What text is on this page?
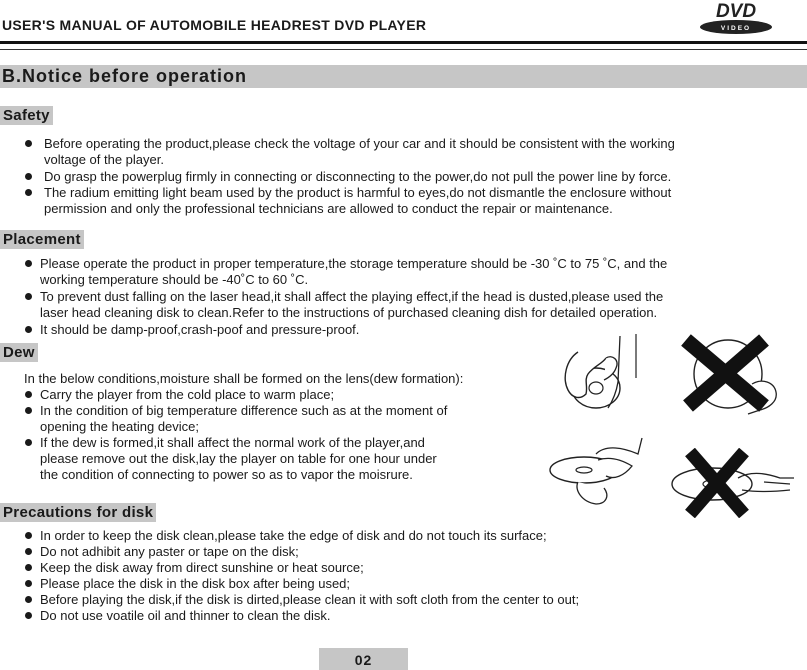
USER'S MANUAL OF AUTOMOBILE HEADREST DVD PLAYER
DVD
VIDEO
B.Notice before operation
Safety
Before operating the product,please check the voltage of your car and it should be consistent with the working
voltage of the player.
Do grasp the powerplug firmly in connecting or disconnecting to the power,do not pull the power line by force.
The radium emitting light beam used by the product is harmful to eyes,do not dismantle the enclosure without
permission and only the professional technicians are allowed to conduct the repair or maintenance.
Placement
Please operate the product in proper temperature,the storage temperature should be -30 ˚C to 75 ˚C, and the
working temperature should be -40˚C to 60 ˚C.
To prevent dust falling on the laser head,it shall affect the playing effect,if the head is dusted,please used the
laser head cleaning disk to clean.Refer to the instructions of purchased cleaning dish for detailed operation.
It should be damp-proof,crash-poof and pressure-proof.
Dew
In the below conditions,moisture shall be formed on the lens(dew formation):
Carry the player from the cold place to warm place;
In the condition of big temperature difference such as at the moment of
opening the heating device;
If the dew is formed,it shall affect the normal work of the player,and
please remove out the disk,lay the player on table for one hour under
the condition of connecting to power so as to vapor the moisrure.
Precautions for disk
In order to keep the disk clean,please take the edge of disk and do not touch its surface;
Do not adhibit any paster or tape on the disk;
Keep the disk away from direct sunshine or heat source;
Please place the disk in the disk box after being used;
Before playing the disk,if the disk is dirted,please clean it with soft cloth from the center to out;
Do not use voatile oil and thinner to clean the disk.
02
